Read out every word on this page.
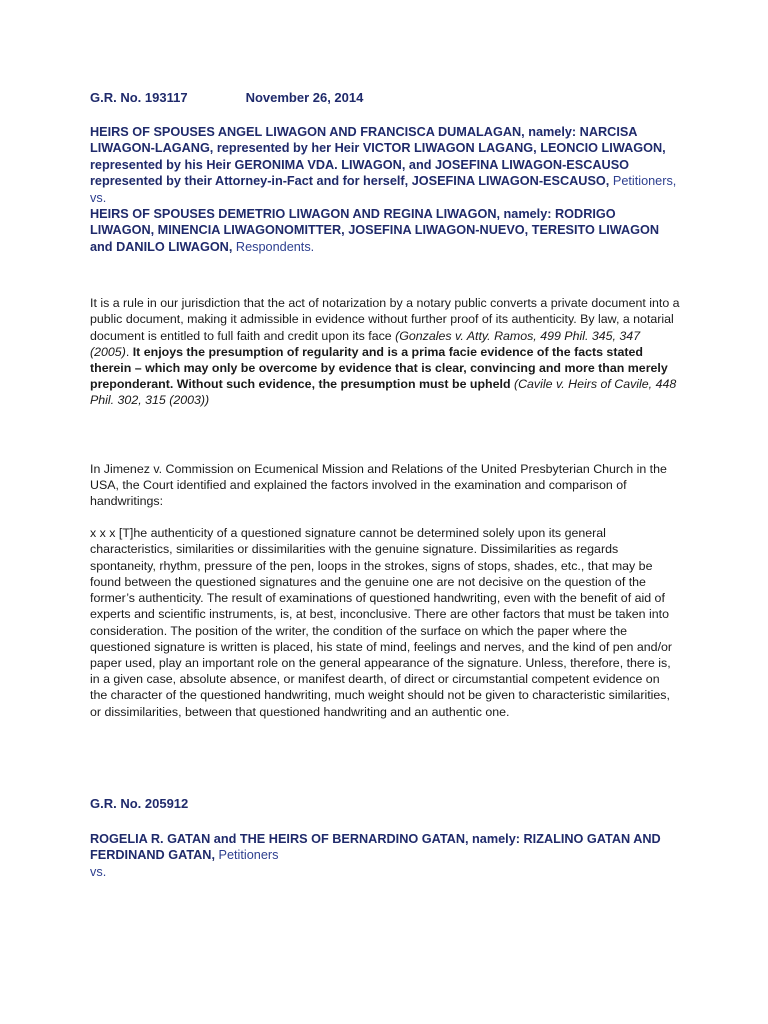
G.R. No. 193117	November 26, 2014

HEIRS OF SPOUSES ANGEL LIWAGON AND FRANCISCA DUMALAGAN, namely: NARCISA LIWAGON-LAGANG, represented by her Heir VICTOR LIWAGON LAGANG, LEONCIO LIWAGON, represented by his Heir GERONIMA VDA. LIWAGON, and JOSEFINA LIWAGON-ESCAUSO represented by their Attorney-in-Fact and for herself, JOSEFINA LIWAGON-ESCAUSO, Petitioners,
vs.
HEIRS OF SPOUSES DEMETRIO LIWAGON AND REGINA LIWAGON, namely: RODRIGO LIWAGON, MINENCIA LIWAGONOMITTER, JOSEFINA LIWAGON-NUEVO, TERESITO LIWAGON and DANILO LIWAGON, Respondents.

It is a rule in our jurisdiction that the act of notarization by a notary public converts a private document into a public document, making it admissible in evidence without further proof of its authenticity. By law, a notarial document is entitled to full faith and credit upon its face (Gonzales v. Atty. Ramos, 499 Phil. 345, 347 (2005). It enjoys the presumption of regularity and is a prima facie evidence of the facts stated therein – which may only be overcome by evidence that is clear, convincing and more than merely preponderant. Without such evidence, the presumption must be upheld (Cavile v. Heirs of Cavile, 448 Phil. 302, 315 (2003))

In Jimenez v. Commission on Ecumenical Mission and Relations of the United Presbyterian Church in the USA, the Court identified and explained the factors involved in the examination and comparison of handwritings:

x x x [T]he authenticity of a questioned signature cannot be determined solely upon its general characteristics, similarities or dissimilarities with the genuine signature. Dissimilarities as regards spontaneity, rhythm, pressure of the pen, loops in the strokes, signs of stops, shades, etc., that may be found between the questioned signatures and the genuine one are not decisive on the question of the former’s authenticity. The result of examinations of questioned handwriting, even with the benefit of aid of experts and scientific instruments, is, at best, inconclusive. There are other factors that must be taken into consideration. The position of the writer, the condition of the surface on which the paper where the questioned signature is written is placed, his state of mind, feelings and nerves, and the kind of pen and/or paper used, play an important role on the general appearance of the signature. Unless, therefore, there is, in a given case, absolute absence, or manifest dearth, of direct or circumstantial competent evidence on the character of the questioned handwriting, much weight should not be given to characteristic similarities, or dissimilarities, between that questioned handwriting and an authentic one.

G.R. No. 205912

ROGELIA R. GATAN and THE HEIRS OF BERNARDINO GATAN, namely: RIZALINO GATAN AND FERDINAND GATAN, Petitioners
vs.
